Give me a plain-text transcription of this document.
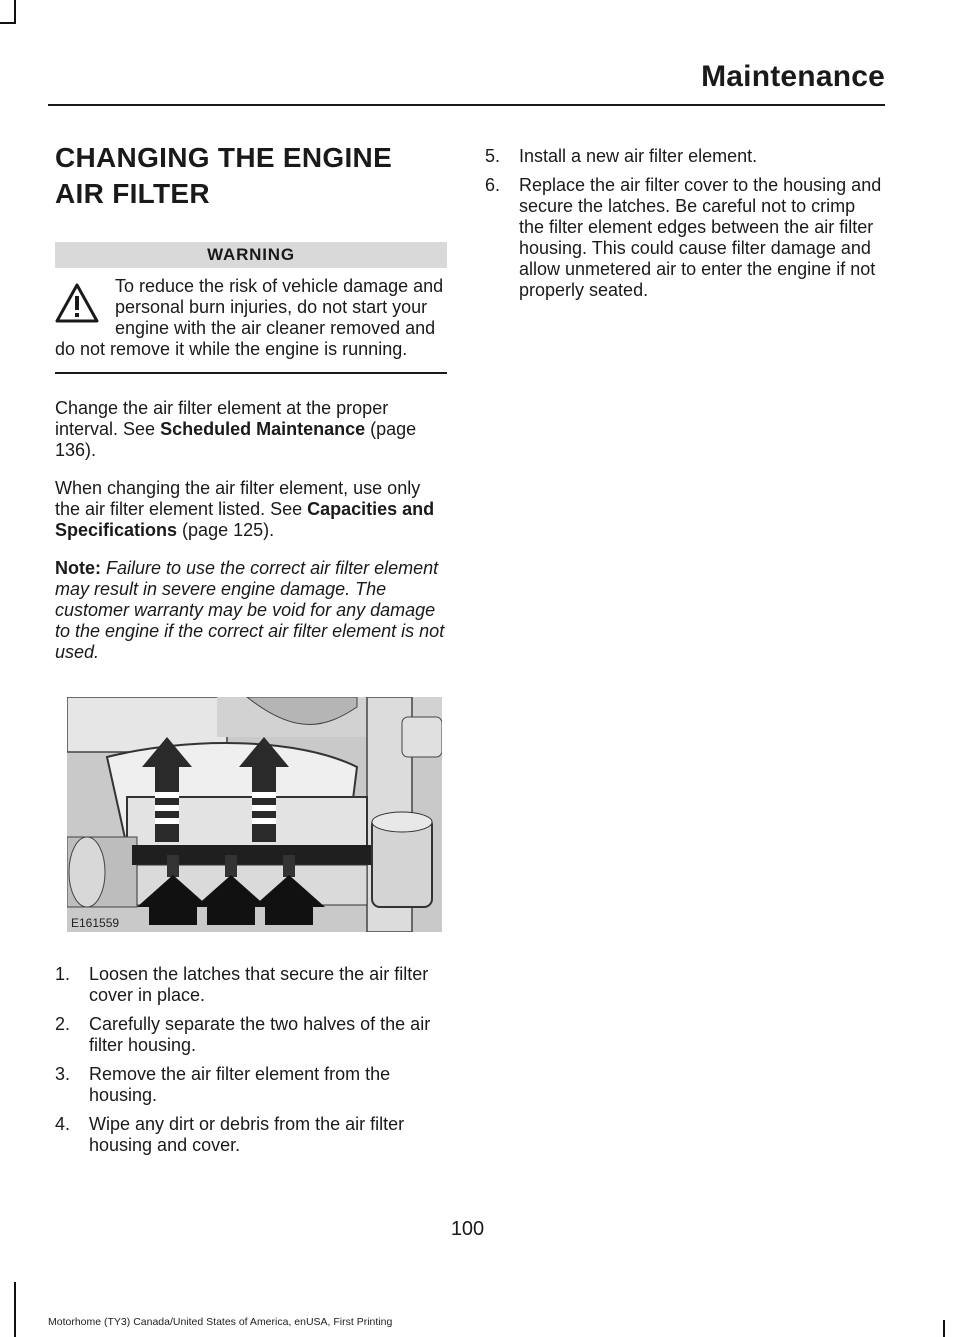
Maintenance
CHANGING THE ENGINE AIR FILTER
WARNING
To reduce the risk of vehicle damage and personal burn injuries, do not start your engine with the air cleaner removed and do not remove it while the engine is running.

Change the air filter element at the proper interval. See Scheduled Maintenance (page 136).

When changing the air filter element, use only the air filter element listed. See Capacities and Specifications (page 125).

Note: Failure to use the correct air filter element may result in severe engine damage. The customer warranty may be void for any damage to the engine if the correct air filter element is not used.

E161559
1. Loosen the latches that secure the air filter cover in place.
2. Carefully separate the two halves of the air filter housing.
3. Remove the air filter element from the housing.
4. Wipe any dirt or debris from the air filter housing and cover.
5. Install a new air filter element.
6. Replace the air filter cover to the housing and secure the latches. Be careful not to crimp the filter element edges between the air filter housing. This could cause filter damage and allow unmetered air to enter the engine if not properly seated.
100
Motorhome (TY3) Canada/United States of America, enUSA, First Printing
